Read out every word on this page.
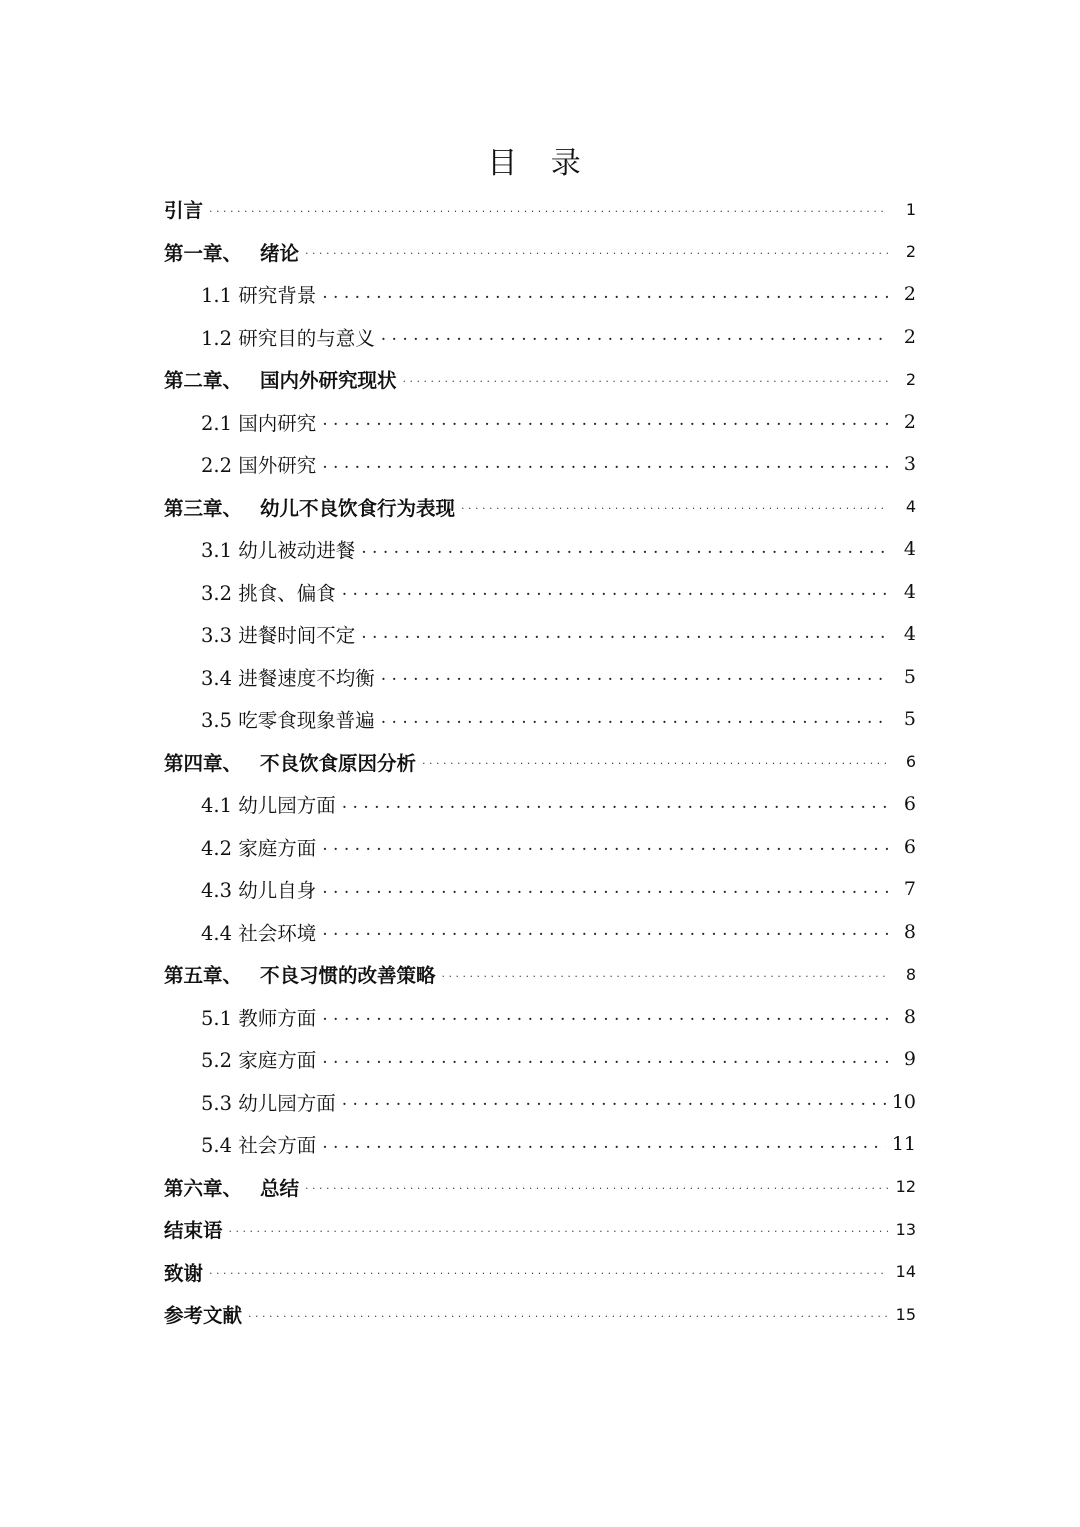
目 录
引言 . . .	1
第一章、 绪论 . . .	2
1.1 研究背景 . . .	2
1.2 研究目的与意义 . . .	2
第二章、 国内外研究现状 . . .	2
2.1 国内研究 . . .	2
2.2 国外研究 . . .	3
第三章、 幼儿不良饮食行为表现 . . .	4
3.1 幼儿被动进餐 . . .	4
3.2 挑食、偏食 . . .	4
3.3 进餐时间不定 . . .	4
3.4 进餐速度不均衡 . . .	5
3.5 吃零食现象普遍 . . .	5
第四章、 不良饮食原因分析 . . .	6
4.1 幼儿园方面 . . .	6
4.2 家庭方面 . . .	6
4.3 幼儿自身 . . .	7
4.4 社会环境 . . .	8
第五章、 不良习惯的改善策略 . . .	8
5.1 教师方面 . . .	8
5.2 家庭方面 . . .	9
5.3 幼儿园方面 . . .	10
5.4 社会方面 . . .	11
第六章、 总结 . . .	12
结束语 . . .	13
致谢 . . .	14
参考文献 . . .	15
